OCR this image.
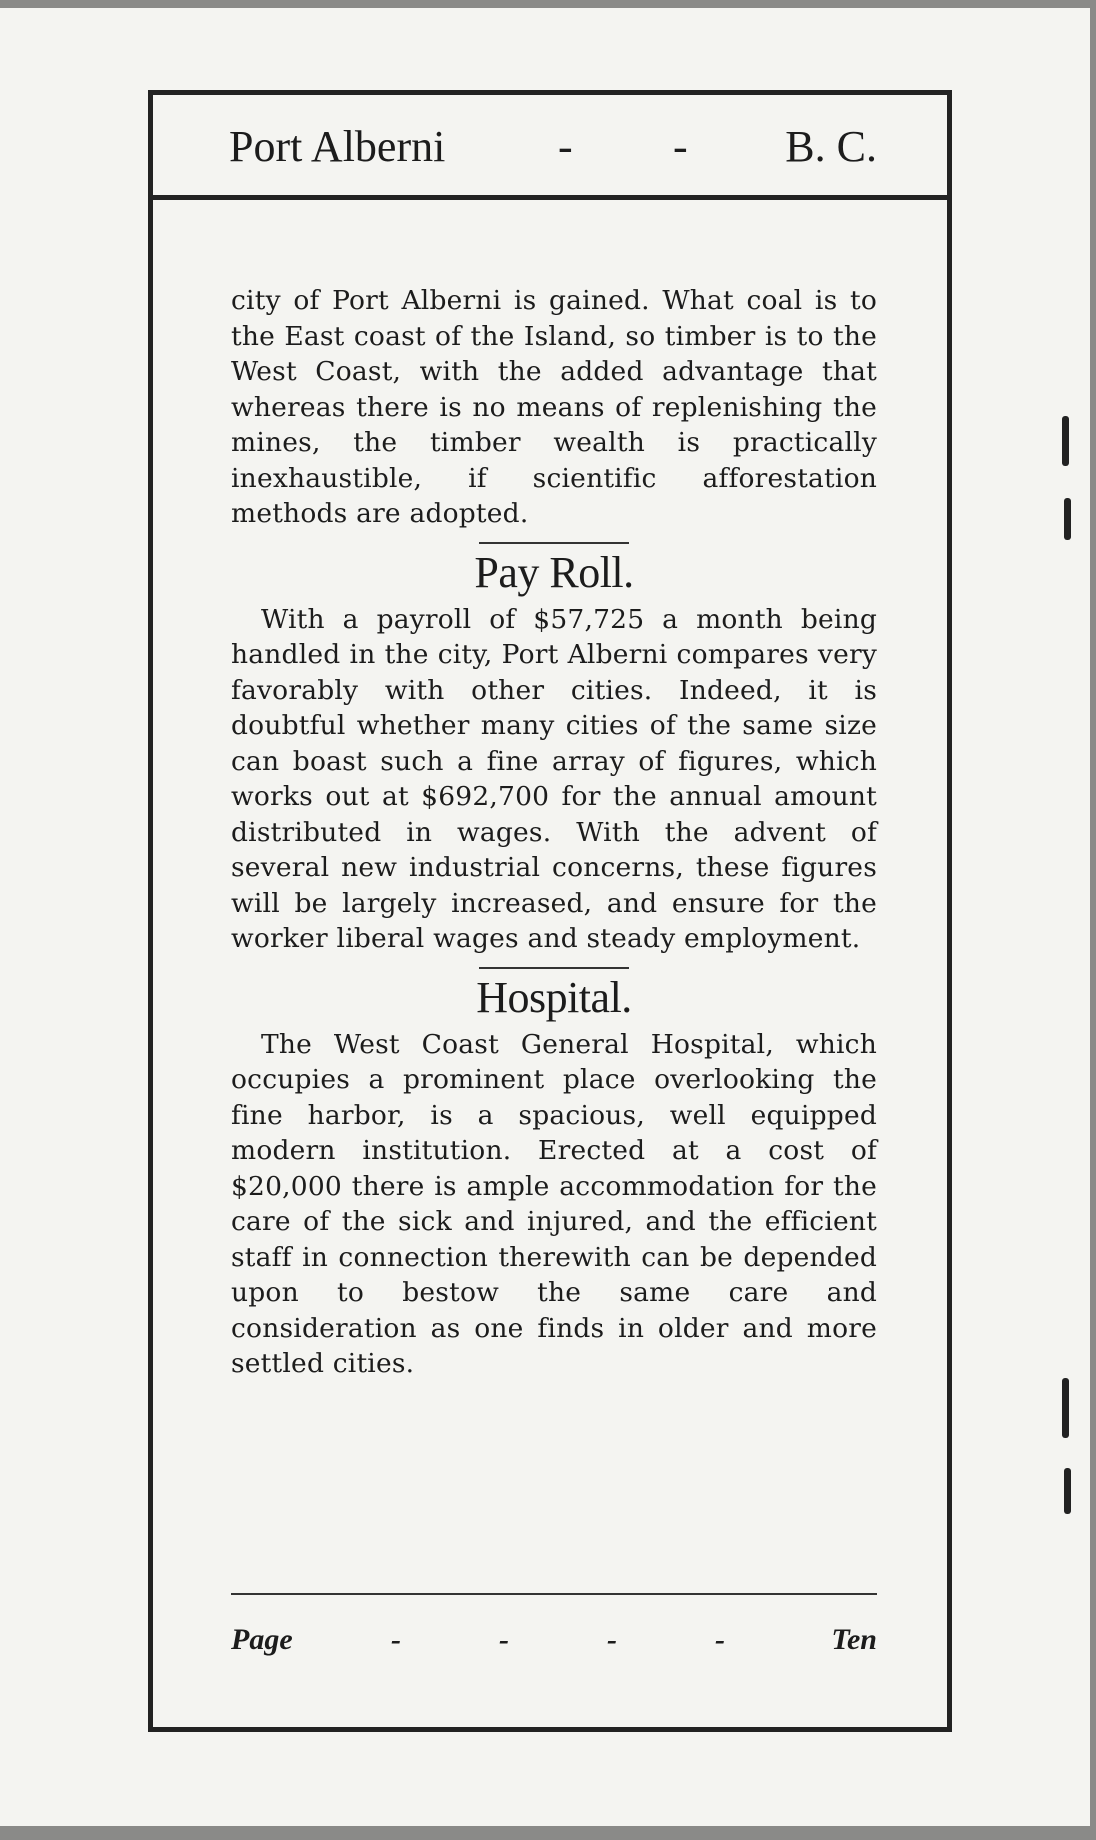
Port Alberni	- - B. C.

city of Port Alberni is gained. What coal is to the East coast of the Island, so timber is to the West Coast, with the added advantage that whereas there is no means of replenishing the mines, the timber wealth is practically inexhaustible, if scientific afforestation methods are adopted.

Pay Roll.

With a payroll of $57,725 a month being handled in the city, Port Alberni compares very favorably with other cities. Indeed, it is doubtful whether many cities of the same size can boast such a fine array of figures, which works out at $692,700 for the annual amount distributed in wages. With the advent of several new industrial concerns, these figures will be largely increased, and ensure for the worker liberal wages and steady employment.

Hospital.

The West Coast General Hospital, which occupies a prominent place overlooking the fine harbor, is a spacious, well equipped modern institution. Erected at a cost of $20,000 there is ample accommodation for the care of the sick and injured, and the efficient staff in connection therewith can be depended upon to bestow the same care and consideration as one finds in older and more settled cities.

Page	-	-	-	-	Ten
